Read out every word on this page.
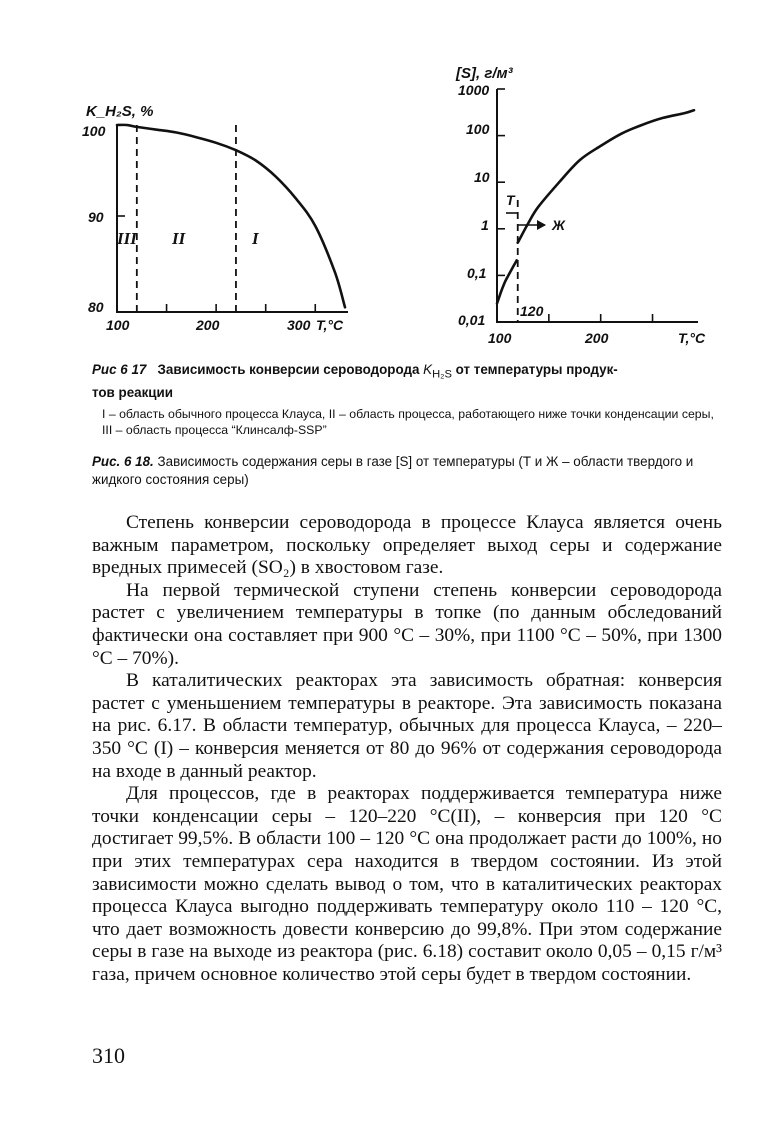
K_H₂S, %
100
90
80
100	200	300 T,°C
III II	I
[S], г/м³
1000
100
10
1
0,1
0,01
100	200	T,°C
120
T
Ж
Рис 6 17 Зависимость конверсии сероводорода $K_{H_2S}$ от температуры продук-
тов реакции
I – область обычного процесса Клауса, II – область процесса, работающего ниже точки конденсации серы, III – область процесса “Клинсалф-SSP”
Рис. 6 18. Зависимость содержания серы в газе [S] от температуры (Т и Ж – области твердого и жидкого состояния серы)

Степень конверсии сероводорода в процессе Клауса является очень важным параметром, поскольку определяет выход серы и содержание вредных примесей (SO₂) в хвостовом газе.

На первой термической ступени степень конверсии сероводорода растет с увеличением температуры в топке (по данным обследований фактически она составляет при 900 °С – 30%, при 1100 °С – 50%, при 1300 °С – 70%).

В каталитических реакторах эта зависимость обратная: конверсия растет с уменьшением температуры в реакторе. Эта зависимость показана на рис. 6.17. В области температур, обычных для процесса Клауса, – 220–350 °С (I) – конверсия меняется от 80 до 96% от содержания сероводорода на входе в данный реактор.

Для процессов, где в реакторах поддерживается температура ниже точки конденсации серы – 120–220 °С(II), – конверсия при 120 °С достигает 99,5%. В области 100 – 120 °С она продолжает расти до 100%, но при этих температурах сера находится в твердом состоянии. Из этой зависимости можно сделать вывод о том, что в каталитических реакторах процесса Клауса выгодно поддерживать температуру около 110 – 120 °С, что дает возможность довести конверсию до 99,8%. При этом содержание серы в газе на выходе из реактора (рис. 6.18) составит около 0,05 – 0,15 г/м³ газа, причем основное количество этой серы будет в твердом состоянии.

310
